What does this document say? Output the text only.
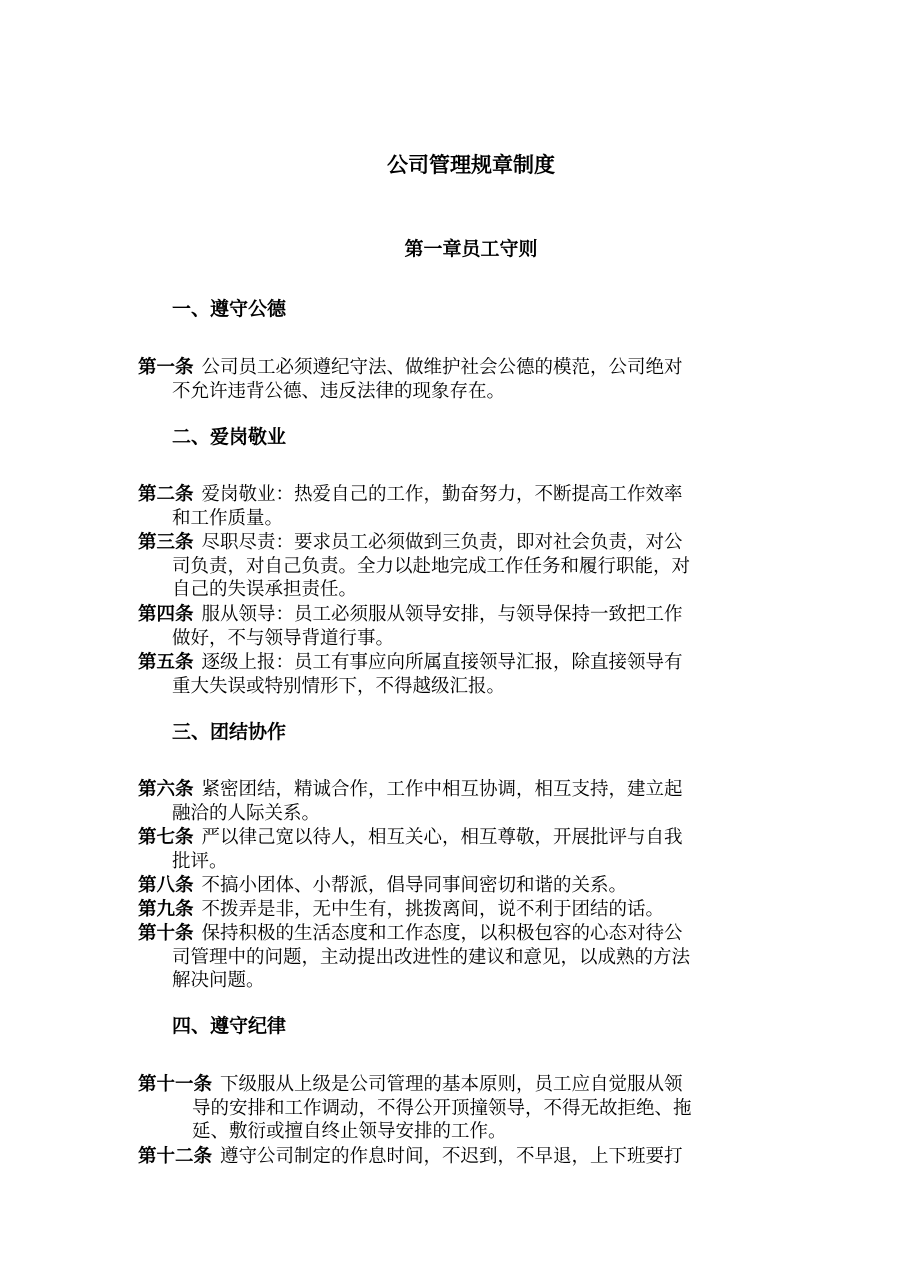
公司管理规章制度
第一章员工守则
一、遵守公德

第一条 公司员工必须遵纪守法、做维护社会公德的模范，公司绝对
不允许违背公德、违反法律的现象存在。

二、爱岗敬业

第二条 爱岗敬业：热爱自己的工作，勤奋努力，不断提高工作效率
和工作质量。

第三条 尽职尽责：要求员工必须做到三负责，即对社会负责，对公
司负责，对自己负责。全力以赴地完成工作任务和履行职能，对
自己的失误承担责任。

第四条 服从领导：员工必须服从领导安排，与领导保持一致把工作
做好，不与领导背道行事。

第五条 逐级上报：员工有事应向所属直接领导汇报，除直接领导有
重大失误或特别情形下，不得越级汇报。

三、团结协作

第六条 紧密团结，精诚合作，工作中相互协调，相互支持，建立起
融洽的人际关系。

第七条 严以律己宽以待人，相互关心，相互尊敬，开展批评与自我
批评。

第八条 不搞小团体、小帮派，倡导同事间密切和谐的关系。

第九条 不拨弄是非，无中生有，挑拨离间，说不利于团结的话。

第十条 保持积极的生活态度和工作态度，以积极包容的心态对待公
司管理中的问题，主动提出改进性的建议和意见，以成熟的方法
解决问题。

四、遵守纪律

第十一条 下级服从上级是公司管理的基本原则，员工应自觉服从领
导的安排和工作调动，不得公开顶撞领导，不得无故拒绝、拖
延、敷衍或擅自终止领导安排的工作。

第十二条 遵守公司制定的作息时间，不迟到，不早退，上下班要打
